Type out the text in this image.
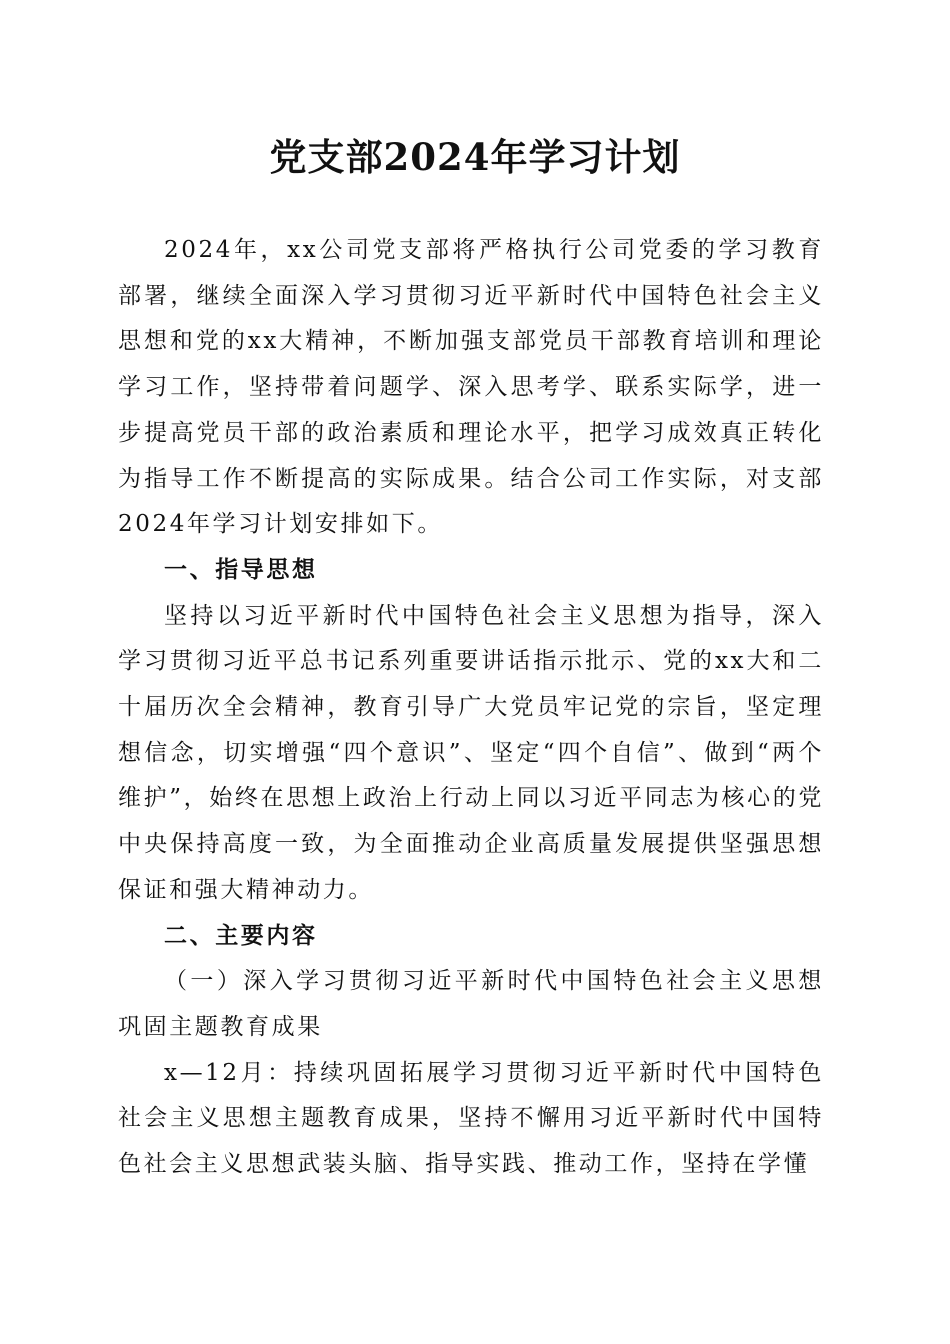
党支部2024年学习计划

2024年，xx公司党支部将严格执行公司党委的学习教育部署，继续全面深入学习贯彻习近平新时代中国特色社会主义思想和党的xx大精神，不断加强支部党员干部教育培训和理论学习工作，坚持带着问题学、深入思考学、联系实际学，进一步提高党员干部的政治素质和理论水平，把学习成效真正转化为指导工作不断提高的实际成果。结合公司工作实际，对支部2024年学习计划安排如下。

一、指导思想

坚持以习近平新时代中国特色社会主义思想为指导，深入学习贯彻习近平总书记系列重要讲话指示批示、党的xx大和二十届历次全会精神，教育引导广大党员牢记党的宗旨，坚定理想信念，切实增强“四个意识”、坚定“四个自信”、做到“两个维护”，始终在思想上政治上行动上同以习近平同志为核心的党中央保持高度一致，为全面推动企业高质量发展提供坚强思想保证和强大精神动力。

二、主要内容
（一）深入学习贯彻习近平新时代中国特色社会主义思想巩固主题教育成果

x—12月：持续巩固拓展学习贯彻习近平新时代中国特色社会主义思想主题教育成果，坚持不懈用习近平新时代中国特色社会主义思想武装头脑、指导实践、推动工作，坚持在学懂
